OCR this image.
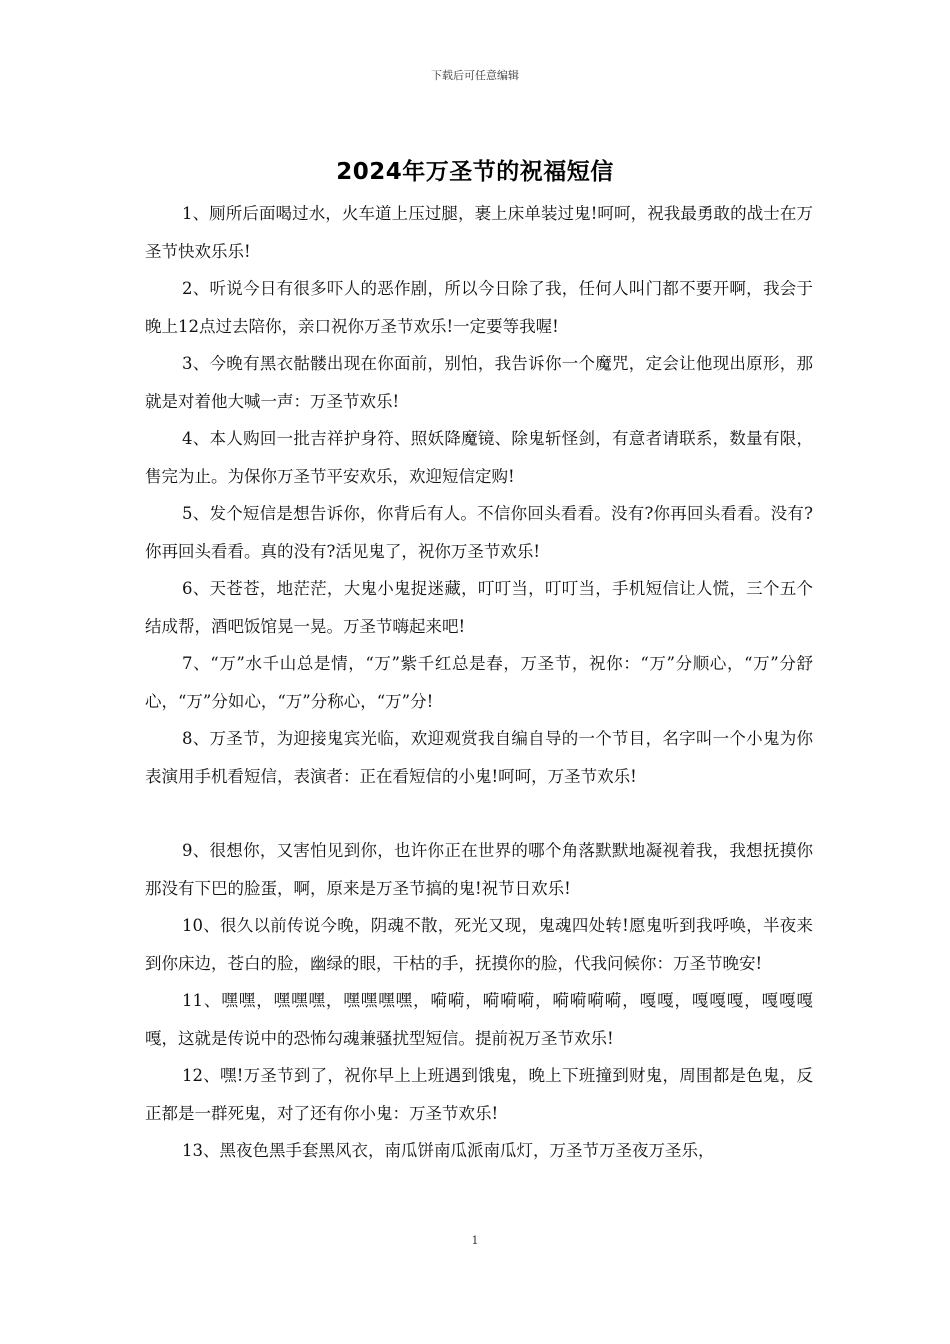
下载后可任意编辑
2024年万圣节的祝福短信

1、厕所后面喝过水，火车道上压过腿，裹上床单装过鬼!呵呵，祝我最勇敢的战士在万圣节快欢乐乐!

2、听说今日有很多吓人的恶作剧，所以今日除了我，任何人叫门都不要开啊，我会于晚上12点过去陪你，亲口祝你万圣节欢乐!一定要等我喔!

3、今晚有黑衣骷髅出现在你面前，别怕，我告诉你一个魔咒，定会让他现出原形，那就是对着他大喊一声：万圣节欢乐!

4、本人购回一批吉祥护身符、照妖降魔镜、除鬼斩怪剑，有意者请联系，数量有限，售完为止。为保你万圣节平安欢乐，欢迎短信定购!

5、发个短信是想告诉你，你背后有人。不信你回头看看。没有?你再回头看看。没有?你再回头看看。真的没有?活见鬼了，祝你万圣节欢乐!

6、天苍苍，地茫茫，大鬼小鬼捉迷藏，叮叮当，叮叮当，手机短信让人慌，三个五个结成帮，酒吧饭馆晃一晃。万圣节嗨起来吧!

7、“万”水千山总是情，“万”紫千红总是春，万圣节，祝你：“万”分顺心，“万”分舒心，“万”分如心，“万”分称心，“万”分!

8、万圣节，为迎接鬼宾光临，欢迎观赏我自编自导的一个节目，名字叫一个小鬼为你表演用手机看短信，表演者：正在看短信的小鬼!呵呵，万圣节欢乐!

9、很想你，又害怕见到你，也许你正在世界的哪个角落默默地凝视着我，我想抚摸你那没有下巴的脸蛋，啊，原来是万圣节搞的鬼!祝节日欢乐!

10、很久以前传说今晚，阴魂不散，死光又现，鬼魂四处转!愿鬼听到我呼唤，半夜来到你床边，苍白的脸，幽绿的眼，干枯的手，抚摸你的脸，代我问候你：万圣节晚安!

11、嘿嘿，嘿嘿嘿，嘿嘿嘿嘿，嗬嗬，嗬嗬嗬，嗬嗬嗬嗬，嘎嘎，嘎嘎嘎，嘎嘎嘎嘎，这就是传说中的恐怖勾魂兼骚扰型短信。提前祝万圣节欢乐!

12、嘿!万圣节到了，祝你早上上班遇到饿鬼，晚上下班撞到财鬼，周围都是色鬼，反正都是一群死鬼，对了还有你小鬼：万圣节欢乐!

13、黑夜色黑手套黑风衣，南瓜饼南瓜派南瓜灯，万圣节万圣夜万圣乐，

1
